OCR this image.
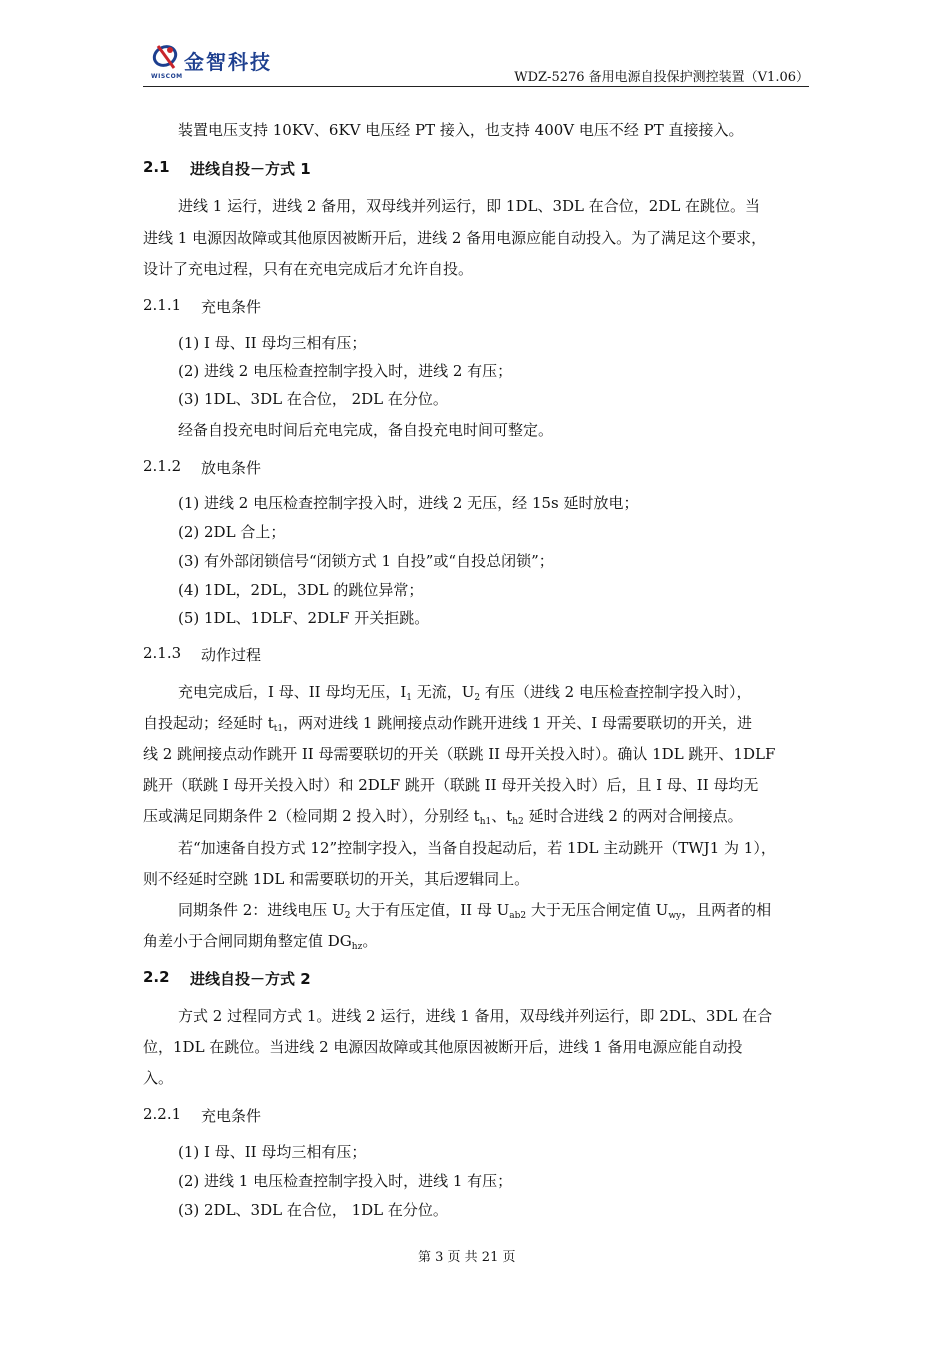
金智科技
WISCOM	WDZ-5276 备用电源自投保护测控装置（V1.06）
装置电压支持 10KV、6KV 电压经 PT 接入，也支持 400V 电压不经 PT 直接接入。
2.1 进线自投－方式 1
进线 1 运行，进线 2 备用，双母线并列运行，即 1DL、3DL 在合位，2DL 在跳位。当
进线 1 电源因故障或其他原因被断开后，进线 2 备用电源应能自动投入。为了满足这个要求，
设计了充电过程，只有在充电完成后才允许自投。
2.1.1 充电条件
(1) I 母、II 母均三相有压；
(2) 进线 2 电压检查控制字投入时，进线 2 有压；
(3) 1DL、3DL 在合位， 2DL 在分位。
经备自投充电时间后充电完成，备自投充电时间可整定。
2.1.2 放电条件
(1) 进线 2 电压检查控制字投入时，进线 2 无压，经 15s 延时放电；
(2) 2DL 合上；
(3) 有外部闭锁信号“闭锁方式 1 自投”或“自投总闭锁”；
(4) 1DL，2DL，3DL 的跳位异常；
(5) 1DL、1DLF、2DLF 开关拒跳。
2.1.3 动作过程
充电完成后，I 母、II 母均无压，$I_1$ 无流，$U_2$ 有压（进线 2 电压检查控制字投入时），
自投起动；经延时 $t_{t1}$，两对进线 1 跳闸接点动作跳开进线 1 开关、I 母需要联切的开关，进
线 2 跳闸接点动作跳开 II 母需要联切的开关（联跳 II 母开关投入时）。确认 1DL 跳开、1DLF
跳开（联跳 I 母开关投入时）和 2DLF 跳开（联跳 II 母开关投入时）后，且 I 母、II 母均无
压或满足同期条件 2（检同期 2 投入时），分别经 $t_{h1}$、$t_{h2}$ 延时合进线 2 的两对合闸接点。
若“加速备自投方式 12”控制字投入，当备自投起动后，若 1DL 主动跳开（TWJ1 为 1），
则不经延时空跳 1DL 和需要联切的开关，其后逻辑同上。
同期条件 2：进线电压 $U_2$ 大于有压定值，II 母 $U_{ab2}$ 大于无压合闸定值 $U_{wy}$，且两者的相
角差小于合闸同期角整定值 $DG_{hz}$。
2.2 进线自投－方式 2
方式 2 过程同方式 1。进线 2 运行，进线 1 备用，双母线并列运行，即 2DL、3DL 在合
位，1DL 在跳位。当进线 2 电源因故障或其他原因被断开后，进线 1 备用电源应能自动投
入。
2.2.1 充电条件
(1) I 母、II 母均三相有压；
(2) 进线 1 电压检查控制字投入时，进线 1 有压；
(3) 2DL、3DL 在合位， 1DL 在分位。
第 3 页 共 21 页
